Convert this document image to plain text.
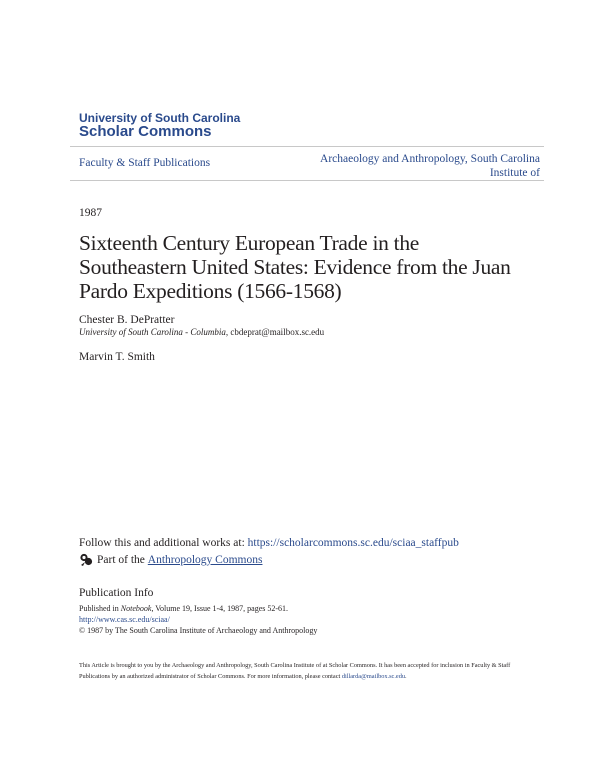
University of South Carolina
Scholar Commons
Faculty & Staff Publications	Archaeology and Anthropology, South Carolina
Institute of
1987
Sixteenth Century European Trade in the Southeastern United States: Evidence from the Juan Pardo Expeditions (1566-1568)
Chester B. DePratter
University of South Carolina - Columbia, cbdeprat@mailbox.sc.edu
Marvin T. Smith
Follow this and additional works at: https://scholarcommons.sc.edu/sciaa_staffpub
Part of the
Anthropology Commons
Publication Info
Published in Notebook, Volume 19, Issue 1-4, 1987, pages 52-61.
http://www.cas.sc.edu/sciaa/
© 1987 by The South Carolina Institute of Archaeology and Anthropology
This Article is brought to you by the Archaeology and Anthropology, South Carolina Institute of at Scholar Commons. It has been accepted for inclusion in Faculty & Staff Publications by an authorized administrator of Scholar Commons. For more information, please contact dillarda@mailbox.sc.edu.
